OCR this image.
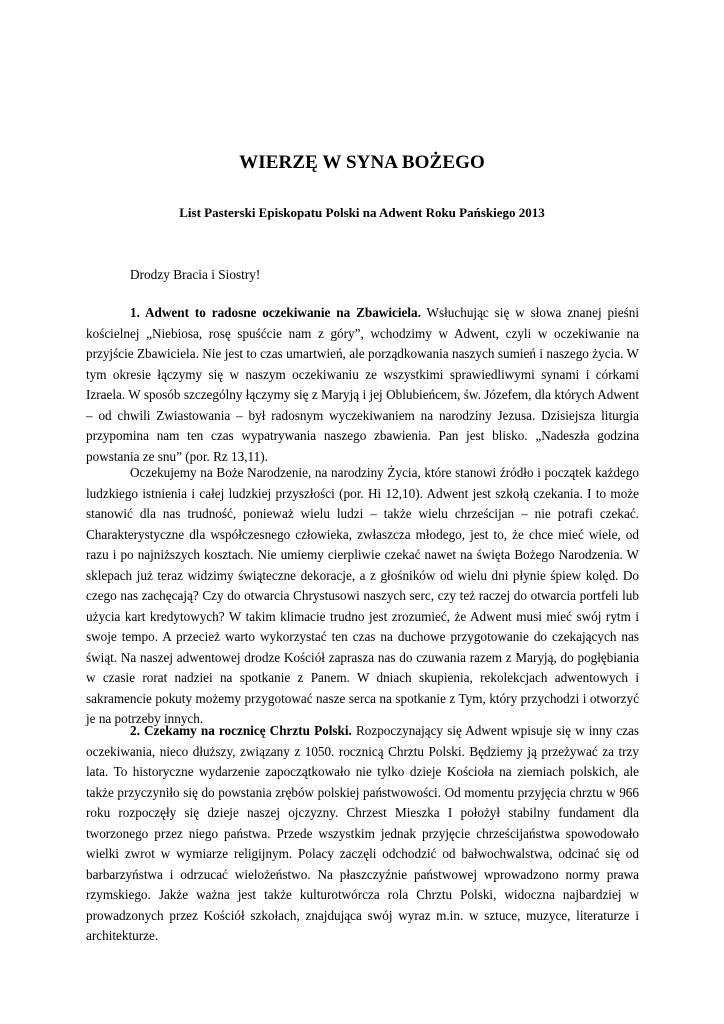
WIERZĘ W SYNA BOŻEGO
List Pasterski Episkopatu Polski na Adwent Roku Pańskiego 2013
Drodzy Bracia i Siostry!

1. Adwent to radosne oczekiwanie na Zbawiciela. Wsłuchując się w słowa znanej pieśni kościelnej „Niebiosa, rosę spuśćcie nam z góry”, wchodzimy w Adwent, czyli w oczekiwanie na przyjście Zbawiciela. Nie jest to czas umartwień, ale porządkowania naszych sumień i naszego życia. W tym okresie łączymy się w naszym oczekiwaniu ze wszystkimi sprawiedliwymi synami i córkami Izraela. W sposób szczególny łączymy się z Maryją i jej Oblubieńcem, św. Józefem, dla których Adwent – od chwili Zwiastowania – był radosnym wyczekiwaniem na narodziny Jezusa. Dzisiejsza liturgia przypomina nam ten czas wypatrywania naszego zbawienia. Pan jest blisko. „Nadeszła godzina powstania ze snu” (por. Rz 13,11).

Oczekujemy na Boże Narodzenie, na narodziny Życia, które stanowi źródło i początek każdego ludzkiego istnienia i całej ludzkiej przyszłości (por. Hi 12,10). Adwent jest szkołą czekania. I to może stanowić dla nas trudność, ponieważ wielu ludzi – także wielu chrześcijan – nie potrafi czekać. Charakterystyczne dla współczesnego człowieka, zwłaszcza młodego, jest to, że chce mieć wiele, od razu i po najniższych kosztach. Nie umiemy cierpliwie czekać nawet na święta Bożego Narodzenia. W sklepach już teraz widzimy świąteczne dekoracje, a z głośników od wielu dni płynie śpiew kolęd. Do czego nas zachęcają? Czy do otwarcia Chrystusowi naszych serc, czy też raczej do otwarcia portfeli lub użycia kart kredytowych? W takim klimacie trudno jest zrozumieć, że Adwent musi mieć swój rytm i swoje tempo. A przecież warto wykorzystać ten czas na duchowe przygotowanie do czekających nas świąt. Na naszej adwentowej drodze Kościół zaprasza nas do czuwania razem z Maryją, do pogłębiania w czasie rorat nadziei na spotkanie z Panem. W dniach skupienia, rekolekcjach adwentowych i sakramencie pokuty możemy przygotować nasze serca na spotkanie z Tym, który przychodzi i otworzyć je na potrzeby innych.

2. Czekamy na rocznicę Chrztu Polski. Rozpoczynający się Adwent wpisuje się w inny czas oczekiwania, nieco dłuższy, związany z 1050. rocznicą Chrztu Polski. Będziemy ją przeżywać za trzy lata. To historyczne wydarzenie zapoczątkowało nie tylko dzieje Kościoła na ziemiach polskich, ale także przyczyniło się do powstania zrębów polskiej państwowości. Od momentu przyjęcia chrztu w 966 roku rozpoczęły się dzieje naszej ojczyzny. Chrzest Mieszka I położył stabilny fundament dla tworzonego przez niego państwa. Przede wszystkim jednak przyjęcie chrześcijaństwa spowodowało wielki zwrot w wymiarze religijnym. Polacy zaczęli odchodzić od bałwochwalstwa, odcinać się od barbarzyństwa i odrzucać wielożeństwo. Na płaszczyźnie państwowej wprowadzono normy prawa rzymskiego. Jakże ważna jest także kulturotwórcza rola Chrztu Polski, widoczna najbardziej w prowadzonych przez Kościół szkołach, znajdująca swój wyraz m.in. w sztuce, muzyce, literaturze i architekturze.
